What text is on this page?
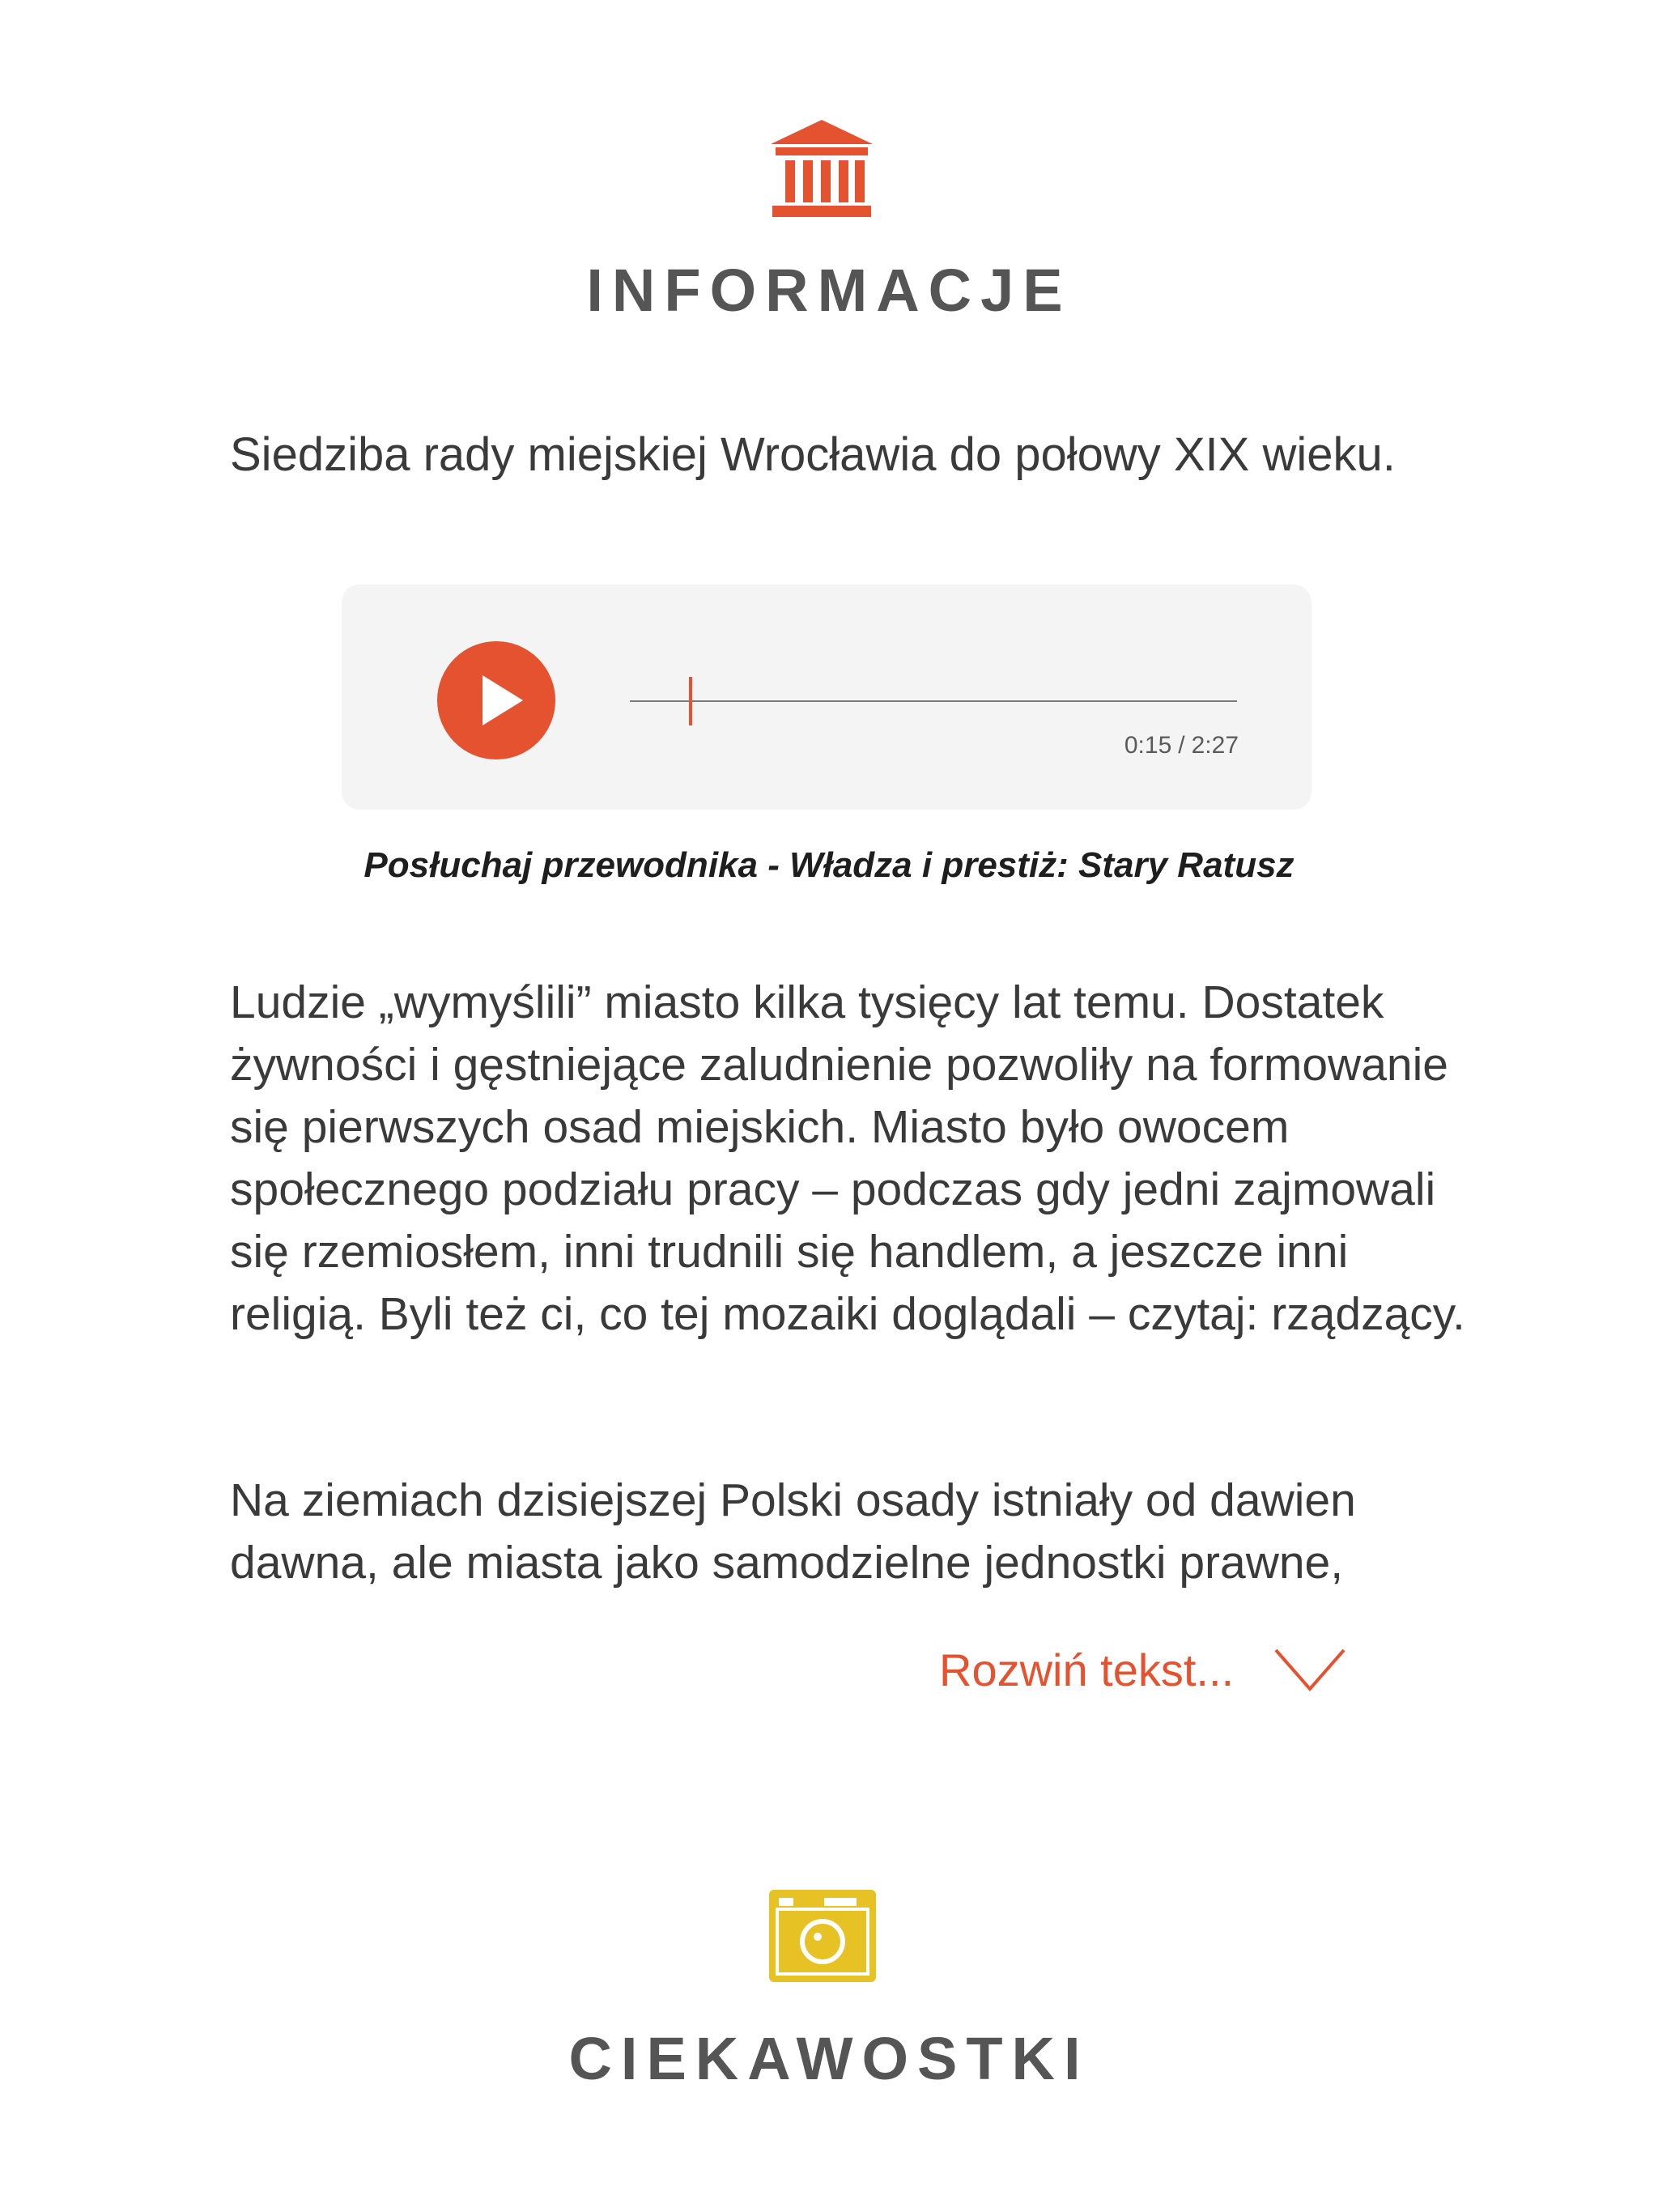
INFORMACJE

Siedziba rady miejskiej Wrocławia do połowy XIX wieku.

0:15 / 2:27

Posłuchaj przewodnika - Władza i prestiż: Stary Ratusz

Ludzie „wymyślili” miasto kilka tysięcy lat temu. Dostatek żywności i gęstniejące zaludnienie pozwoliły na formowanie się pierwszych osad miejskich. Miasto było owocem społecznego podziału pracy – podczas gdy jedni zajmowali się rzemiosłem, inni trudnili się handlem, a jeszcze inni religią. Byli też ci, co tej mozaiki doglądali – czytaj: rządzący.

Na ziemiach dzisiejszej Polski osady istniały od dawien dawna, ale miasta jako samodzielne jednostki prawne,

Rozwiń tekst...
CIEKAWOSTKI
